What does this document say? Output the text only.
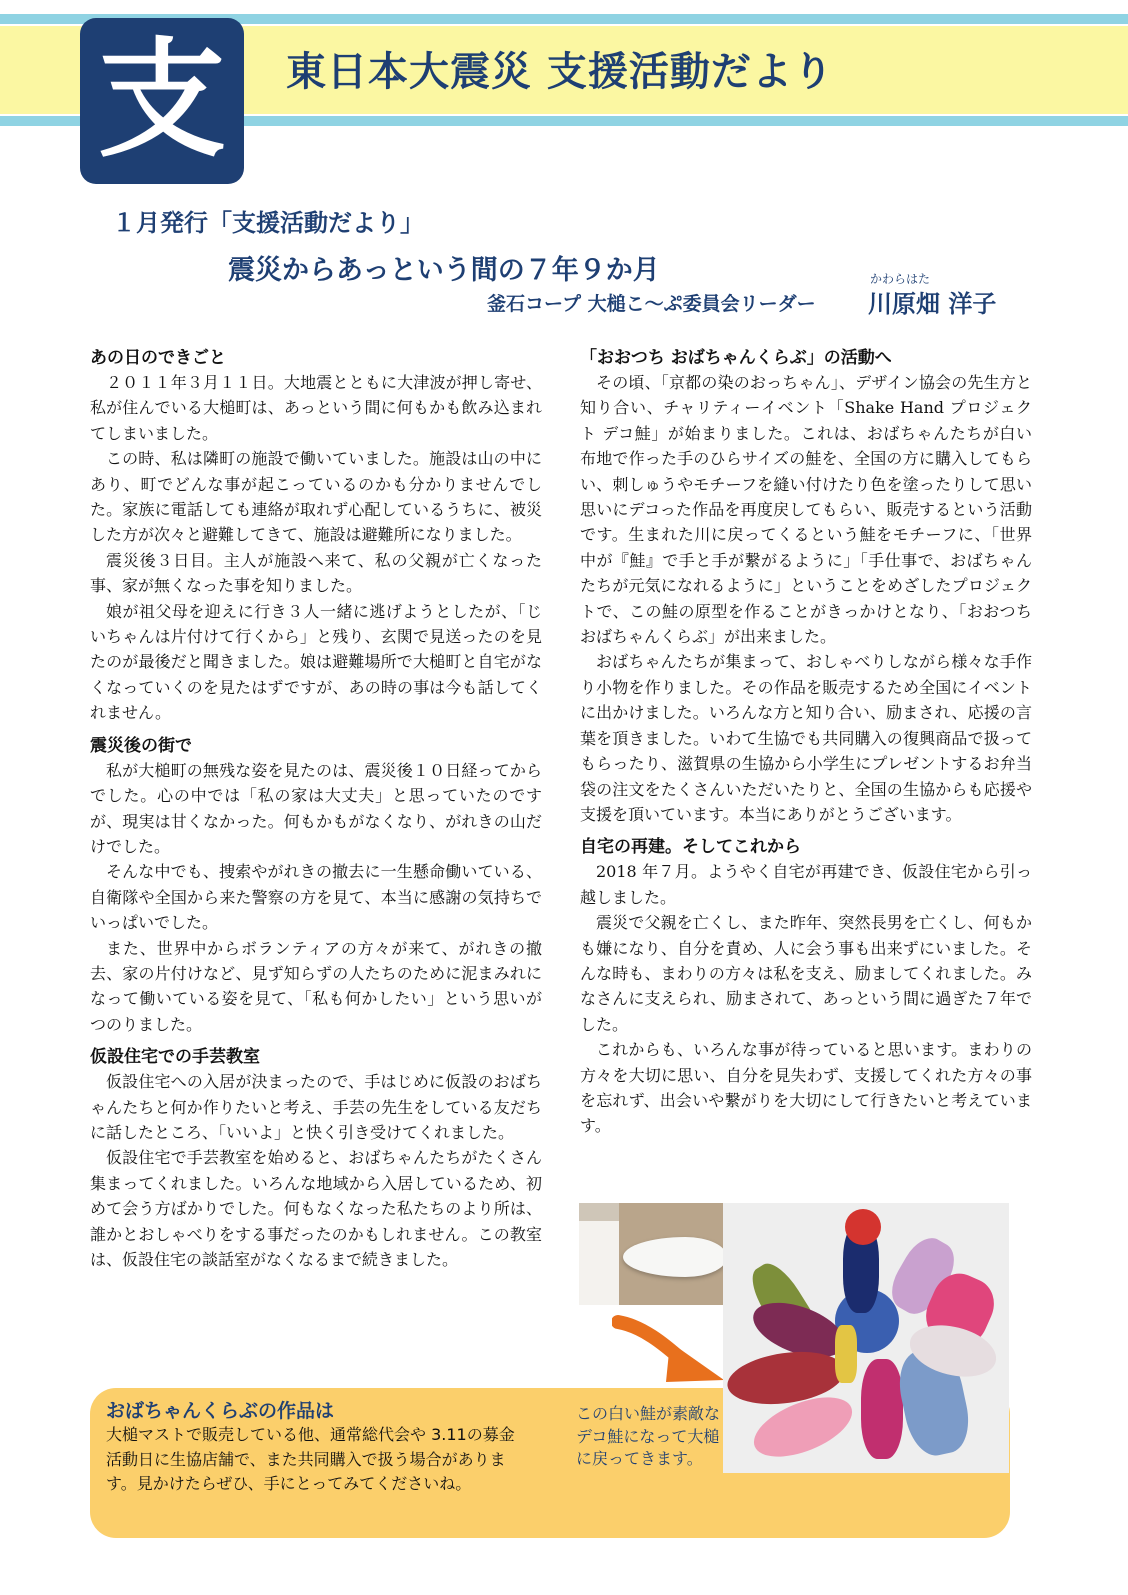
支	東日本大震災 支援活動だより
１月発行「支援活動だより」
震災からあっという間の７年９か月
釜石コープ 大槌こ～ぷ委員会リーダー
かわらはた
川原畑 洋子
あの日のできごと

２０１１年３月１１日。大地震とともに大津波が押し寄せ、私が住んでいる大槌町は、あっという間に何もかも飲み込まれてしまいました。

この時、私は隣町の施設で働いていました。施設は山の中にあり、町でどんな事が起こっているのかも分かりませんでした。家族に電話しても連絡が取れず心配しているうちに、被災した方が次々と避難してきて、施設は避難所になりました。

震災後３日目。主人が施設へ来て、私の父親が亡くなった事、家が無くなった事を知りました。

娘が祖父母を迎えに行き３人一緒に逃げようとしたが、「じいちゃんは片付けて行くから」と残り、玄関で見送ったのを見たのが最後だと聞きました。娘は避難場所で大槌町と自宅がなくなっていくのを見たはずですが、あの時の事は今も話してくれません。

震災後の街で

私が大槌町の無残な姿を見たのは、震災後１０日経ってからでした。心の中では「私の家は大丈夫」と思っていたのですが、現実は甘くなかった。何もかもがなくなり、がれきの山だけでした。

そんな中でも、捜索やがれきの撤去に一生懸命働いている、自衛隊や全国から来た警察の方を見て、本当に感謝の気持ちでいっぱいでした。

また、世界中からボランティアの方々が来て、がれきの撤去、家の片付けなど、見ず知らずの人たちのために泥まみれになって働いている姿を見て、「私も何かしたい」という思いがつのりました。

仮設住宅での手芸教室

仮設住宅への入居が決まったので、手はじめに仮設のおばちゃんたちと何か作りたいと考え、手芸の先生をしている友だちに話したところ、「いいよ」と快く引き受けてくれました。

仮設住宅で手芸教室を始めると、おばちゃんたちがたくさん集まってくれました。いろんな地域から入居しているため、初めて会う方ばかりでした。何もなくなった私たちのより所は、誰かとおしゃべりをする事だったのかもしれません。この教室は、仮設住宅の談話室がなくなるまで続きました。

「おおつち おばちゃんくらぶ」の活動へ

その頃、「京都の染のおっちゃん」、デザイン協会の先生方と知り合い、チャリティーイベント「Shake Hand プロジェクト デコ鮭」が始まりました。これは、おばちゃんたちが白い布地で作った手のひらサイズの鮭を、全国の方に購入してもらい、刺しゅうやモチーフを縫い付けたり色を塗ったりして思い思いにデコった作品を再度戻してもらい、販売するという活動です。生まれた川に戻ってくるという鮭をモチーフに、「世界中が『鮭』で手と手が繋がるように」「手仕事で、おばちゃんたちが元気になれるように」ということをめざしたプロジェクトで、この鮭の原型を作ることがきっかけとなり、「おおつち おばちゃんくらぶ」が出来ました。

おばちゃんたちが集まって、おしゃべりしながら様々な手作り小物を作りました。その作品を販売するため全国にイベントに出かけました。いろんな方と知り合い、励まされ、応援の言葉を頂きました。いわて生協でも共同購入の復興商品で扱ってもらったり、滋賀県の生協から小学生にプレゼントするお弁当袋の注文をたくさんいただいたりと、全国の生協からも応援や支援を頂いています。本当にありがとうございます。

自宅の再建。そしてこれから

2018 年７月。ようやく自宅が再建でき、仮設住宅から引っ越しました。

震災で父親を亡くし、また昨年、突然長男を亡くし、何もかも嫌になり、自分を責め、人に会う事も出来ずにいました。そんな時も、まわりの方々は私を支え、励ましてくれました。みなさんに支えられ、励まされて、あっという間に過ぎた７年でした。

これからも、いろんな事が待っていると思います。まわりの方々を大切に思い、自分を見失わず、支援してくれた方々の事を忘れず、出会いや繋がりを大切にして行きたいと考えています。

おばちゃんくらぶの作品は
大槌マストで販売している他、通常総代会や 3.11の募金活動日に生協店舗で、また共同購入で扱う場合があります。見かけたらぜひ、手にとってみてくださいね。
この白い鮭が素敵なデコ鮭になって大槌に戻ってきます。
